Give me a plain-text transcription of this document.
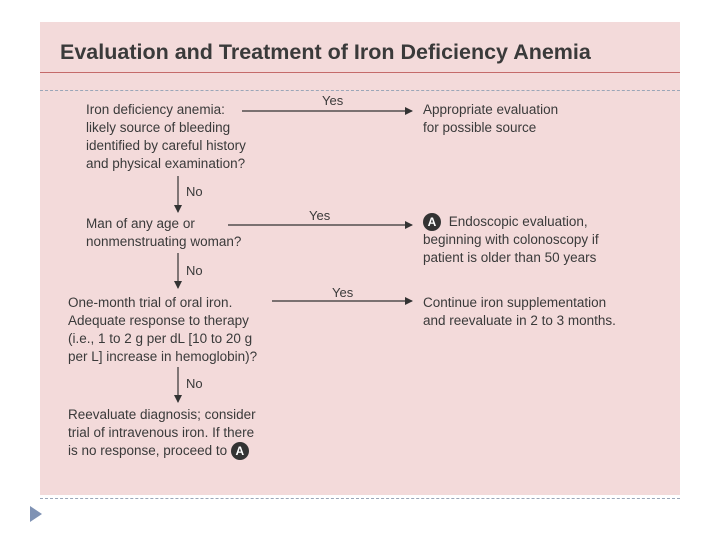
Evaluation and Treatment of Iron Deficiency Anemia
Iron deficiency anemia:
likely source of bleeding
identified by careful history
and physical examination?
Man of any age or
nonmenstruating woman?
One-month trial of oral iron.
Adequate response to therapy
(i.e., 1 to 2 g per dL [10 to 20 g
per L] increase in hemoglobin)?
Reevaluate diagnosis; consider
trial of intravenous iron. If there
is no response, proceed to A
Appropriate evaluation
for possible source
A Endoscopic evaluation,
beginning with colonoscopy if
patient is older than 50 years
Continue iron supplementation
and reevaluate in 2 to 3 months.
Yes
Yes
Yes
No
No
No
